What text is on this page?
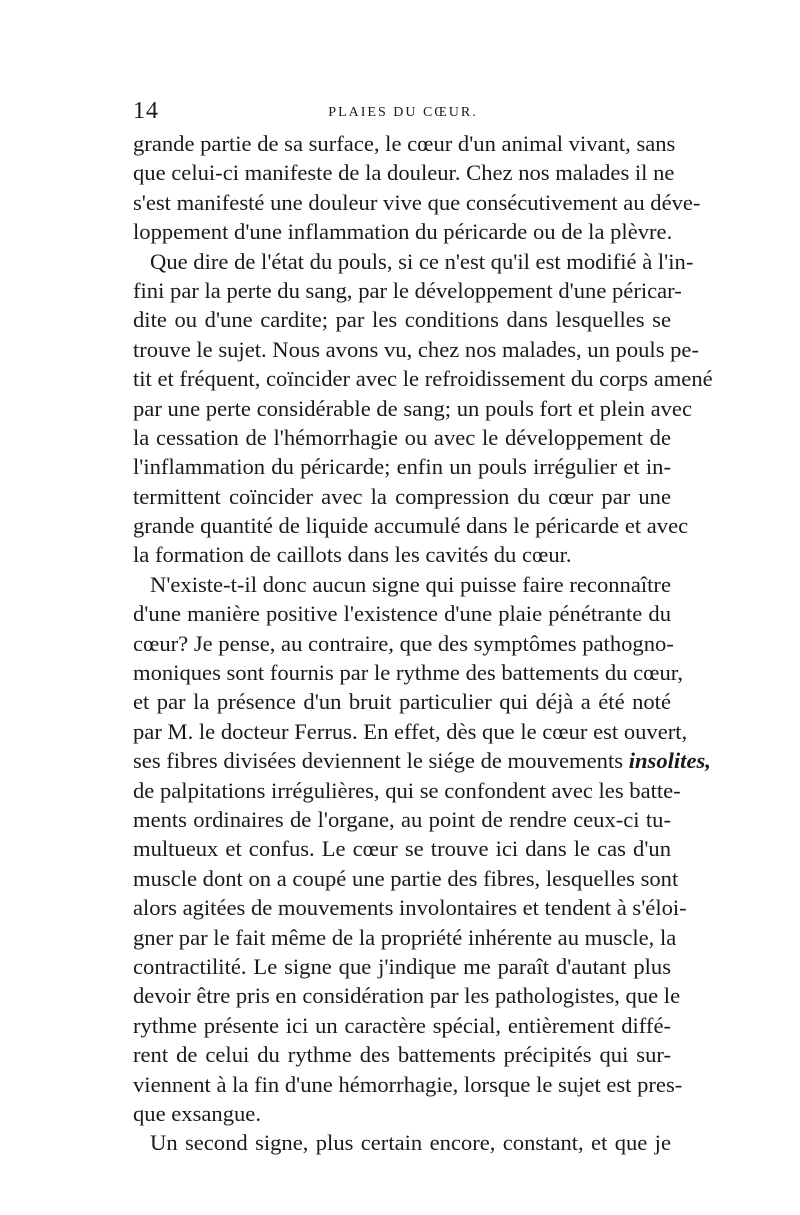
14	PLAIES DU CŒUR.
grande partie de sa surface, le cœur d'un animal vivant, sans
que celui-ci manifeste de la douleur. Chez nos malades il ne
s'est manifesté une douleur vive que consécutivement au déve-
loppement d'une inflammation du péricarde ou de la plèvre.
Que dire de l'état du pouls, si ce n'est qu'il est modifié à l'in-
fini par la perte du sang, par le développement d'une péricar-
dite ou d'une cardite; par les conditions dans lesquelles se
trouve le sujet. Nous avons vu, chez nos malades, un pouls pe-
tit et fréquent, coïncider avec le refroidissement du corps amené
par une perte considérable de sang; un pouls fort et plein avec
la cessation de l'hémorrhagie ou avec le développement de
l'inflammation du péricarde; enfin un pouls irrégulier et in-
termittent coïncider avec la compression du cœur par une
grande quantité de liquide accumulé dans le péricarde et avec
la formation de caillots dans les cavités du cœur.
N'existe-t-il donc aucun signe qui puisse faire reconnaître
d'une manière positive l'existence d'une plaie pénétrante du
cœur? Je pense, au contraire, que des symptômes pathogno-
moniques sont fournis par le rythme des battements du cœur,
et par la présence d'un bruit particulier qui déjà a été noté
par M. le docteur Ferrus. En effet, dès que le cœur est ouvert,
ses fibres divisées deviennent le siége de mouvements insolites,
de palpitations irrégulières, qui se confondent avec les batte-
ments ordinaires de l'organe, au point de rendre ceux-ci tu-
multueux et confus. Le cœur se trouve ici dans le cas d'un
muscle dont on a coupé une partie des fibres, lesquelles sont
alors agitées de mouvements involontaires et tendent à s'éloi-
gner par le fait même de la propriété inhérente au muscle, la
contractilité. Le signe que j'indique me paraît d'autant plus
devoir être pris en considération par les pathologistes, que le
rythme présente ici un caractère spécial, entièrement diffé-
rent de celui du rythme des battements précipités qui sur-
viennent à la fin d'une hémorrhagie, lorsque le sujet est pres-
que exsangue.
Un second signe, plus certain encore, constant, et que je
